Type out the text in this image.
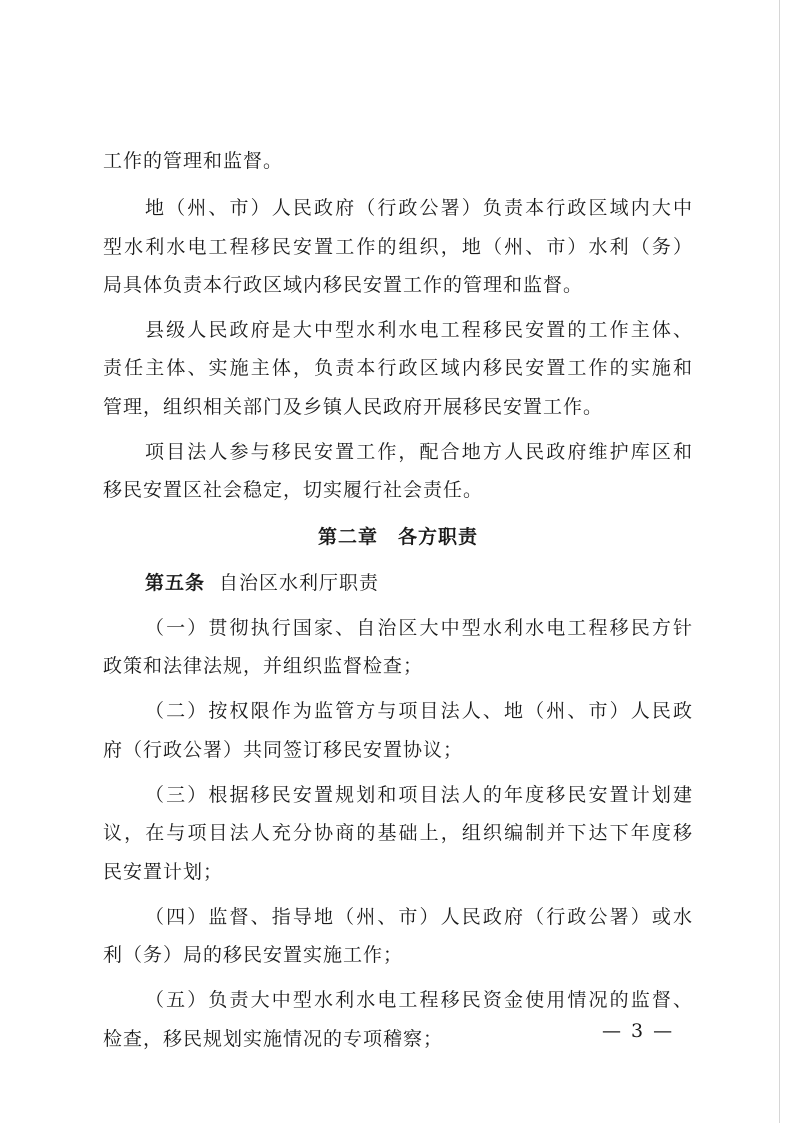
工作的管理和监督。
地（州、市）人民政府（行政公署）负责本行政区域内大中
型水利水电工程移民安置工作的组织，地（州、市）水利（务）
局具体负责本行政区域内移民安置工作的管理和监督。
县级人民政府是大中型水利水电工程移民安置的工作主体、
责任主体、实施主体，负责本行政区域内移民安置工作的实施和
管理，组织相关部门及乡镇人民政府开展移民安置工作。
项目法人参与移民安置工作，配合地方人民政府维护库区和
移民安置区社会稳定，切实履行社会责任。
第二章　各方职责
第五条 自治区水利厅职责
（一）贯彻执行国家、自治区大中型水利水电工程移民方针
政策和法律法规，并组织监督检查；
（二）按权限作为监管方与项目法人、地（州、市）人民政
府（行政公署）共同签订移民安置协议；
（三）根据移民安置规划和项目法人的年度移民安置计划建
议，在与项目法人充分协商的基础上，组织编制并下达下年度移
民安置计划；
（四）监督、指导地（州、市）人民政府（行政公署）或水
利（务）局的移民安置实施工作；
（五）负责大中型水利水电工程移民资金使用情况的监督、
检查，移民规划实施情况的专项稽察；	— 3 —
